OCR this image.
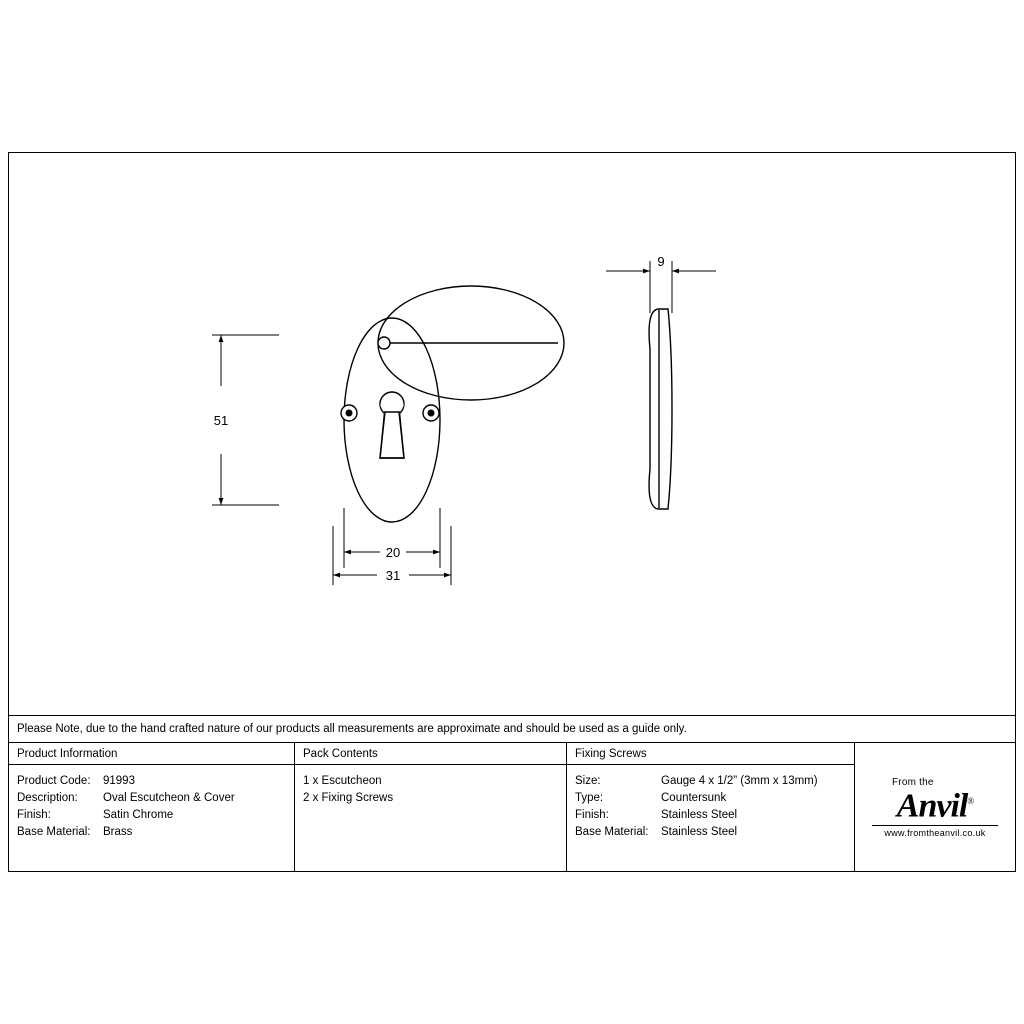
51
20
31
9
Please Note, due to the hand crafted nature of our products all measurements are approximate and should be used as a guide only.
Product Information
Product Code:	91993
Description:	Oval Escutcheon & Cover
Finish:	Satin Chrome
Base Material:	Brass
Pack Contents
1 x Escutcheon
2 x Fixing Screws
Fixing Screws
Size:	Gauge 4 x 1/2” (3mm x 13mm)
Type:	Countersunk
Finish:	Stainless Steel
Base Material:	Stainless Steel
From the
Anvil®
www.fromtheanvil.co.uk
